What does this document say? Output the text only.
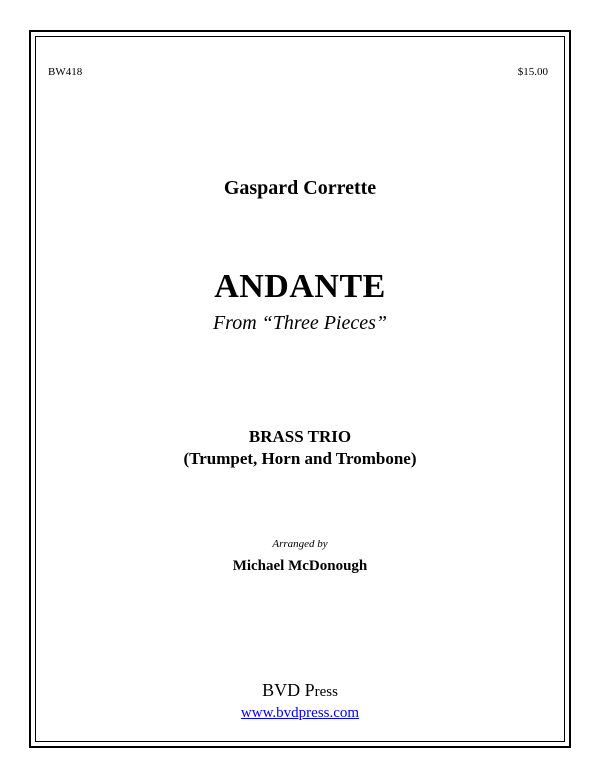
BW418	$15.00
Gaspard Corrette
ANDANTE
From “Three Pieces”
BRASS TRIO
(Trumpet, Horn and Trombone)
Arranged by
Michael McDonough
BVD Press
www.bvdpress.com
